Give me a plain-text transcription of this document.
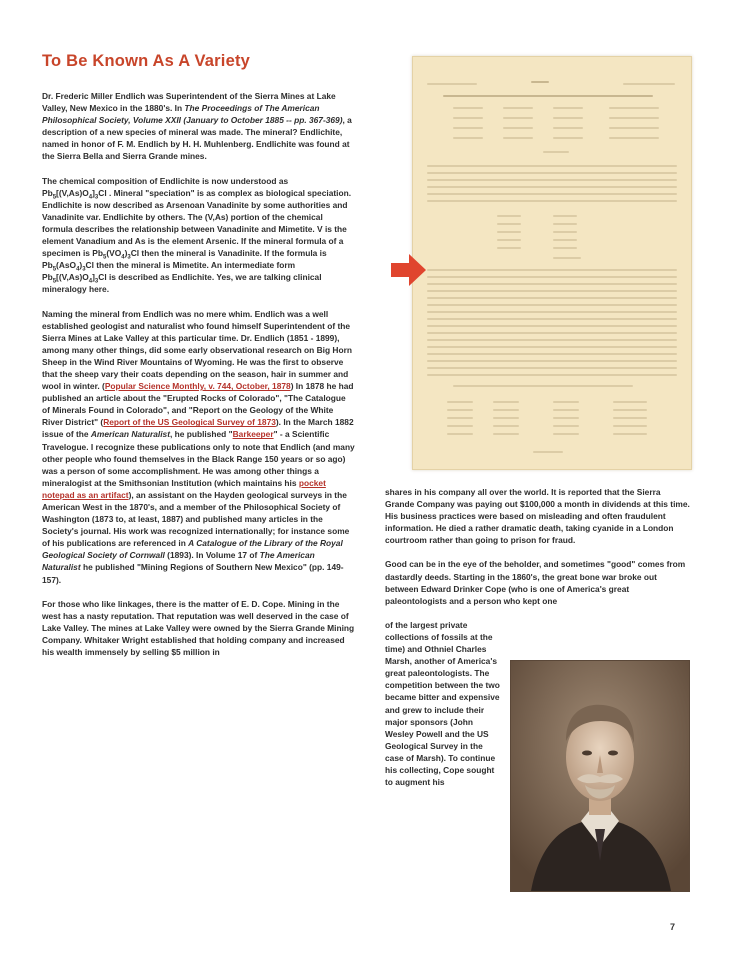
To Be Known As A Variety

Dr. Frederic Miller Endlich was Superintendent of the Sierra Mines at Lake Valley, New Mexico in the 1880's. In The Proceedings of The American Philosophical Society, Volume XXII (January to October 1885 -- pp. 367-369), a description of a new species of mineral was made. The mineral? Endlichite, named in honor of F. M. Endlich by H. H. Muhlenberg. Endlichite was found at the Sierra Bella and Sierra Grande mines.

The chemical composition of Endlichite is now understood as $Pb_5[(V,As)O_4]_3Cl$ . Mineral "speciation" is as complex as biological speciation. Endlichite is now described as Arsenoan Vanadinite by some authorities and Vanadinite var. Endlichite by others. The (V,As) portion of the chemical formula describes the relationship between Vanadinite and Mimetite. V is the element Vanadium and As is the element Arsenic. If the mineral formula of a specimen is $Pb_5(VO_4)_3Cl$ then the mineral is Vanadinite. If the formula is $Pb_5(AsO_4)_3Cl$ then the mineral is Mimetite. An intermediate form $Pb_5[(V,As)O_4]_3Cl$ is described as Endlichite. Yes, we are talking clinical mineralogy here.

Naming the mineral from Endlich was no mere whim. Endlich was a well established geologist and naturalist who found himself Superintendent of the Sierra Mines at Lake Valley at this particular time. Dr. Endlich (1851 - 1899), among many other things, did some early observational research on Big Horn Sheep in the Wind River Mountains of Wyoming. He was the first to observe that the sheep vary their coats depending on the season, hair in summer and wool in winter. (Popular Science Monthly, v. 744, October, 1878) In 1878 he had published an article about the "Erupted Rocks of Colorado", "The Catalogue of Minerals Found in Colorado", and "Report on the Geology of the White River District" (Report of the US Geological Survey of 1873). In the March 1882 issue of the American Naturalist, he published "Barkeeper" - a Scientific Travelogue. I recognize these publications only to note that Endlich (and many other people who found themselves in the Black Range 150 years or so ago) was a person of some accomplishment. He was among other things a mineralogist at the Smithsonian Institution (which maintains his pocket notepad as an artifact), an assistant on the Hayden geological surveys in the American West in the 1870's, and a member of the Philosophical Society of Washington (1873 to, at least, 1887) and published many articles in the Society's journal. His work was recognized internationally; for instance some of his publications are referenced in A Catalogue of the Library of the Royal Geological Society of Cornwall (1893). In Volume 17 of The American Naturalist he published "Mining Regions of Southern New Mexico" (pp. 149-157).

For those who like linkages, there is the matter of E. D. Cope. Mining in the west has a nasty reputation. That reputation was well deserved in the case of Lake Valley. The mines at Lake Valley were owned by the Sierra Grande Mining Company. Whitaker Wright established that holding company and increased his wealth immensely by selling $5 million in

shares in his company all over the world. It is reported that the Sierra Grande Company was paying out $100,000 a month in dividends at this time. His business practices were based on misleading and often fraudulent information. He died a rather dramatic death, taking cyanide in a London courtroom rather than going to prison for fraud.

Good can be in the eye of the beholder, and sometimes "good" comes from dastardly deeds. Starting in the 1860's, the great bone war broke out between Edward Drinker Cope (who is one of America's great paleontologists and a person who kept one

of the largest private collections of fossils at the time) and Othniel Charles Marsh, another of America's great paleontologists. The competition between the two became bitter and expensive and grew to include their major sponsors (John Wesley Powell and the US Geological Survey in the case of Marsh). To continue his collecting, Cope sought to augment his

7
